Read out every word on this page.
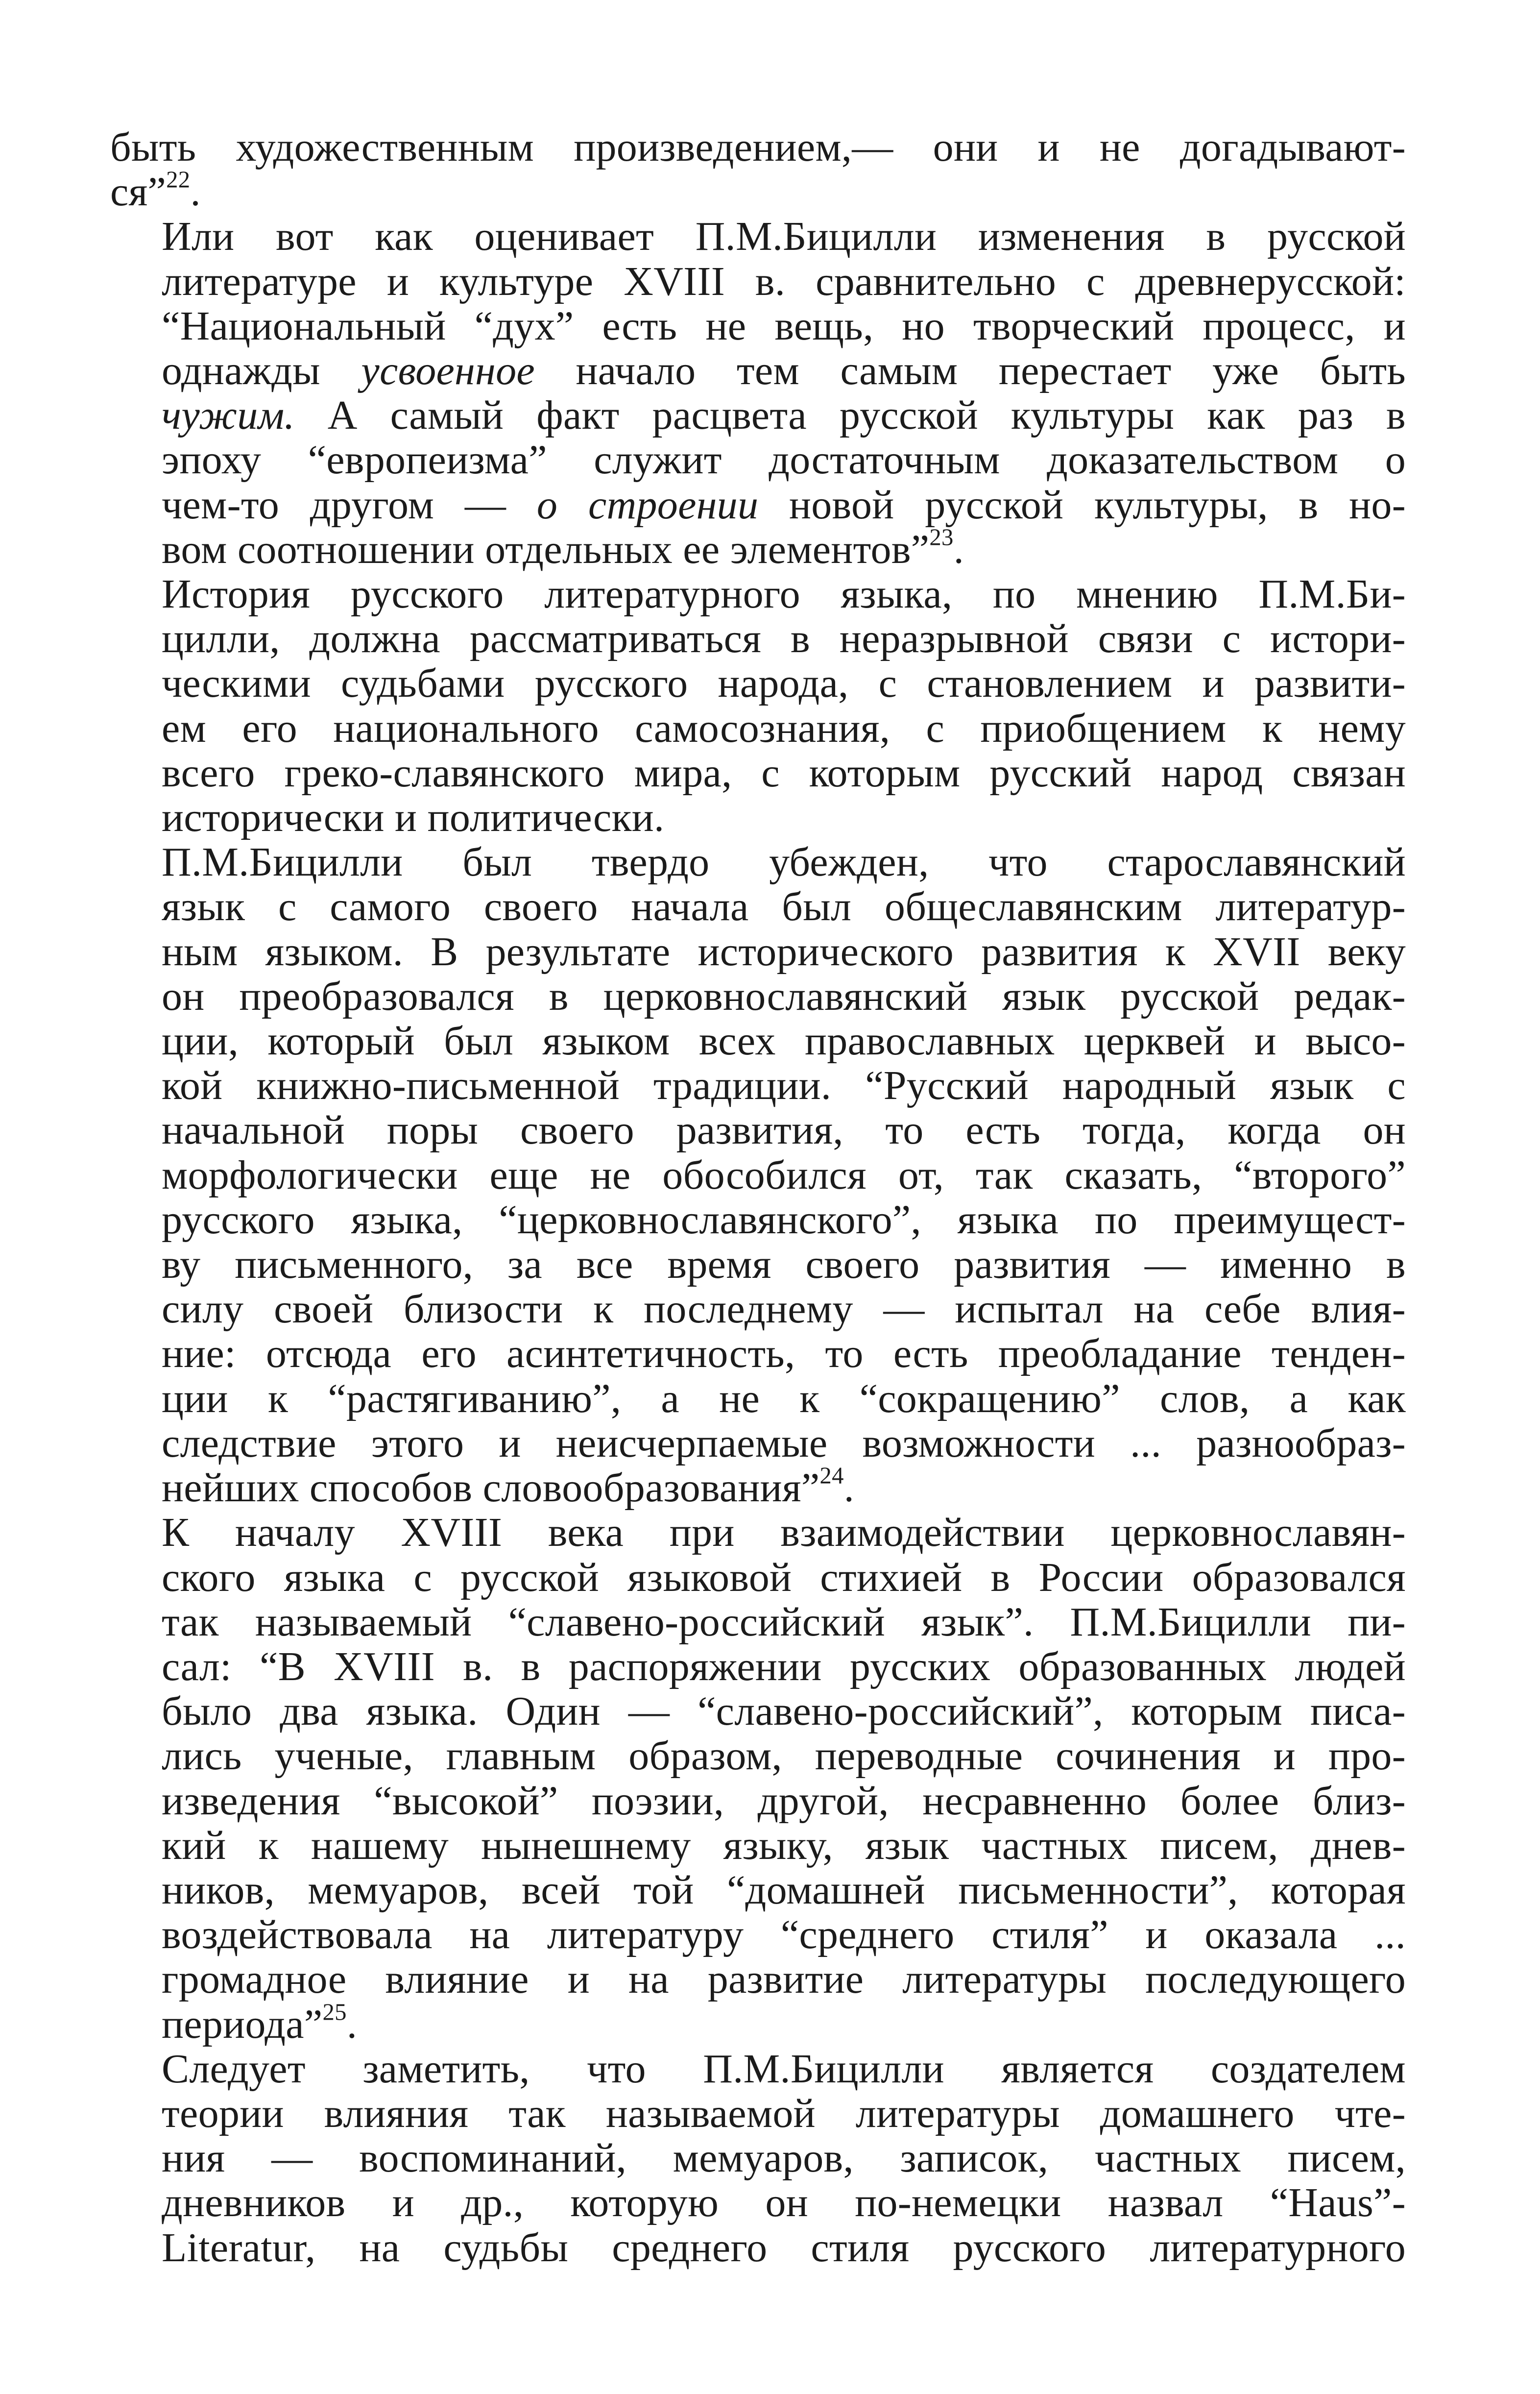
быть художественным произведением,— они и не догадывают-
ся”$^{22}$.

Или вот как оценивает П.М.Бицилли изменения в русской
литературе и культуре XVIII в. сравнительно с древнерусской:
“Национальный “дух” есть не вещь, но творческий процесс, и
однажды усвоенное начало тем самым перестает уже быть
чужим. А самый факт расцвета русской культуры как раз в
эпоху “европеизма” служит достаточным доказательством о
чем-то другом — о строении новой русской культуры, в но-
вом соотношении отдельных ее элементов”$^{23}$.

История русского литературного языка, по мнению П.М.Би-
цилли, должна рассматриваться в неразрывной связи с истори-
ческими судьбами русского народа, с становлением и развити-
ем его национального самосознания, с приобщением к нему
всего греко-славянского мира, с которым русский народ связан
исторически и политически.

П.М.Бицилли был твердо убежден, что старославянский
язык с самого своего начала был общеславянским литератур-
ным языком. В результате исторического развития к XVII веку
он преобразовался в церковнославянский язык русской редак-
ции, который был языком всех православных церквей и высо-
кой книжно-письменной традиции. “Русский народный язык с
начальной поры своего развития, то есть тогда, когда он
морфологически еще не обособился от, так сказать, “второго”
русского языка, “церковнославянского”, языка по преимущест-
ву письменного, за все время своего развития — именно в
силу своей близости к последнему — испытал на себе влия-
ние: отсюда его асинтетичность, то есть преобладание тенден-
ции к “растягиванию”, а не к “сокращению” слов, а как
следствие этого и неисчерпаемые возможности ... разнообраз-
нейших способов словообразования”$^{24}$.

К началу XVIII века при взаимодействии церковнославян-
ского языка с русской языковой стихией в России образовался
так называемый “славено-российский язык”. П.М.Бицилли пи-
сал: “В XVIII в. в распоряжении русских образованных людей
было два языка. Один — “славено-российский”, которым писа-
лись ученые, главным образом, переводные сочинения и про-
изведения “высокой” поэзии, другой, несравненно более близ-
кий к нашему нынешнему языку, язык частных писем, днев-
ников, мемуаров, всей той “домашней письменности”, которая
воздействовала на литературу “среднего стиля” и оказала ...
громадное влияние и на развитие литературы последующего
периода”$^{25}$.

Следует заметить, что П.М.Бицилли является создателем
теории влияния так называемой литературы домашнего чте-
ния — воспоминаний, мемуаров, записок, частных писем,
дневников и др., которую он по-немецки назвал “Haus”-
Literatur, на судьбы среднего стиля русского литературного
